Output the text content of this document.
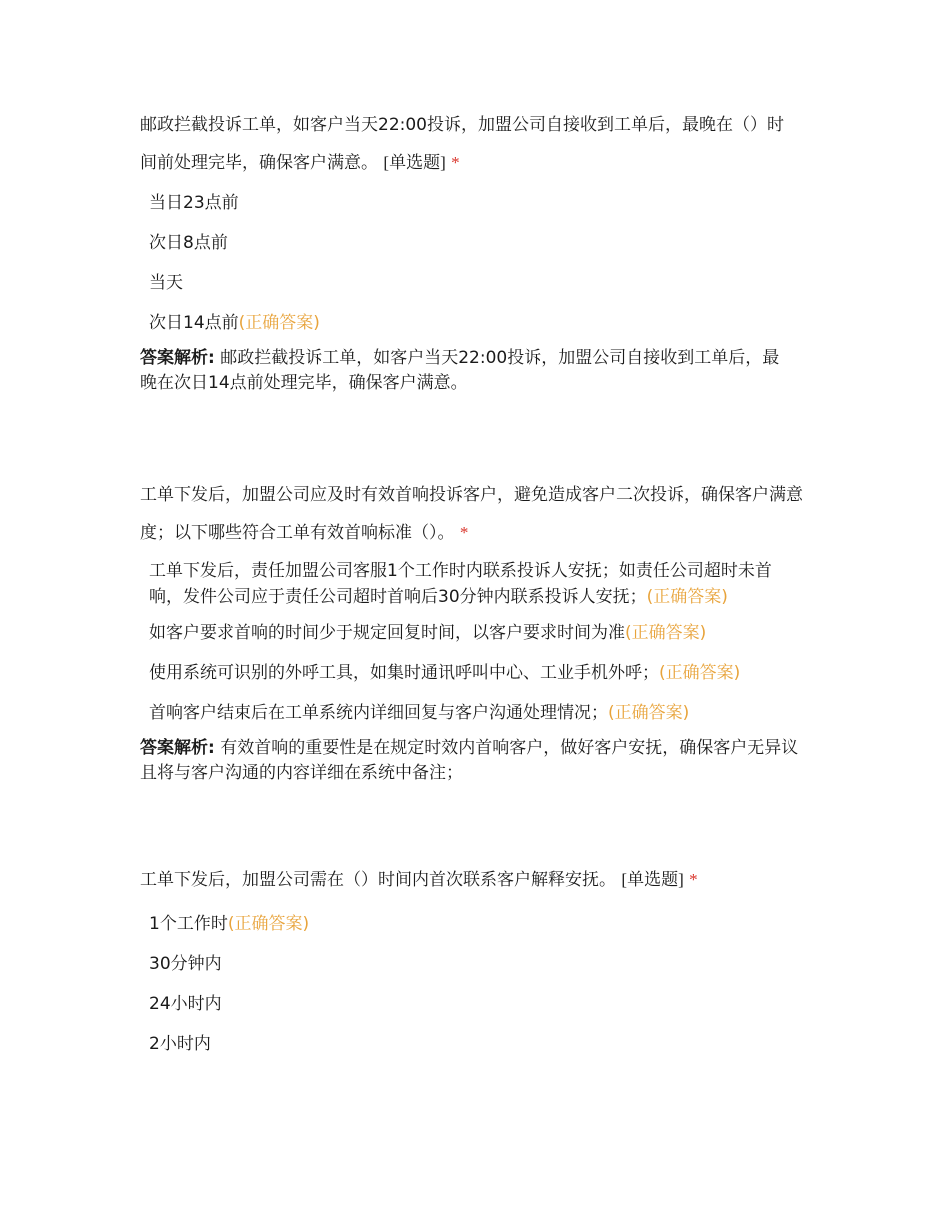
邮政拦截投诉工单，如客户当天22:00投诉，加盟公司自接收到工单后，最晚在（）时间前处理完毕，确保客户满意。 [单选题] *

当日23点前

次日8点前

当天

次日14点前(正确答案)

答案解析: 邮政拦截投诉工单，如客户当天22:00投诉，加盟公司自接收到工单后，最晚在次日14点前处理完毕，确保客户满意。

工单下发后，加盟公司应及时有效首响投诉客户，避免造成客户二次投诉，确保客户满意度；以下哪些符合工单有效首响标准（）。 *

工单下发后，责任加盟公司客服1个工作时内联系投诉人安抚；如责任公司超时未首响，发件公司应于责任公司超时首响后30分钟内联系投诉人安抚；(正确答案)

如客户要求首响的时间少于规定回复时间，以客户要求时间为准(正确答案)

使用系统可识别的外呼工具，如集时通讯呼叫中心、工业手机外呼；(正确答案)

首响客户结束后在工单系统内详细回复与客户沟通处理情况；(正确答案)

答案解析: 有效首响的重要性是在规定时效内首响客户，做好客户安抚，确保客户无异议且将与客户沟通的内容详细在系统中备注；

工单下发后，加盟公司需在（）时间内首次联系客户解释安抚。 [单选题] *

1个工作时(正确答案)

30分钟内

24小时内

2小时内
